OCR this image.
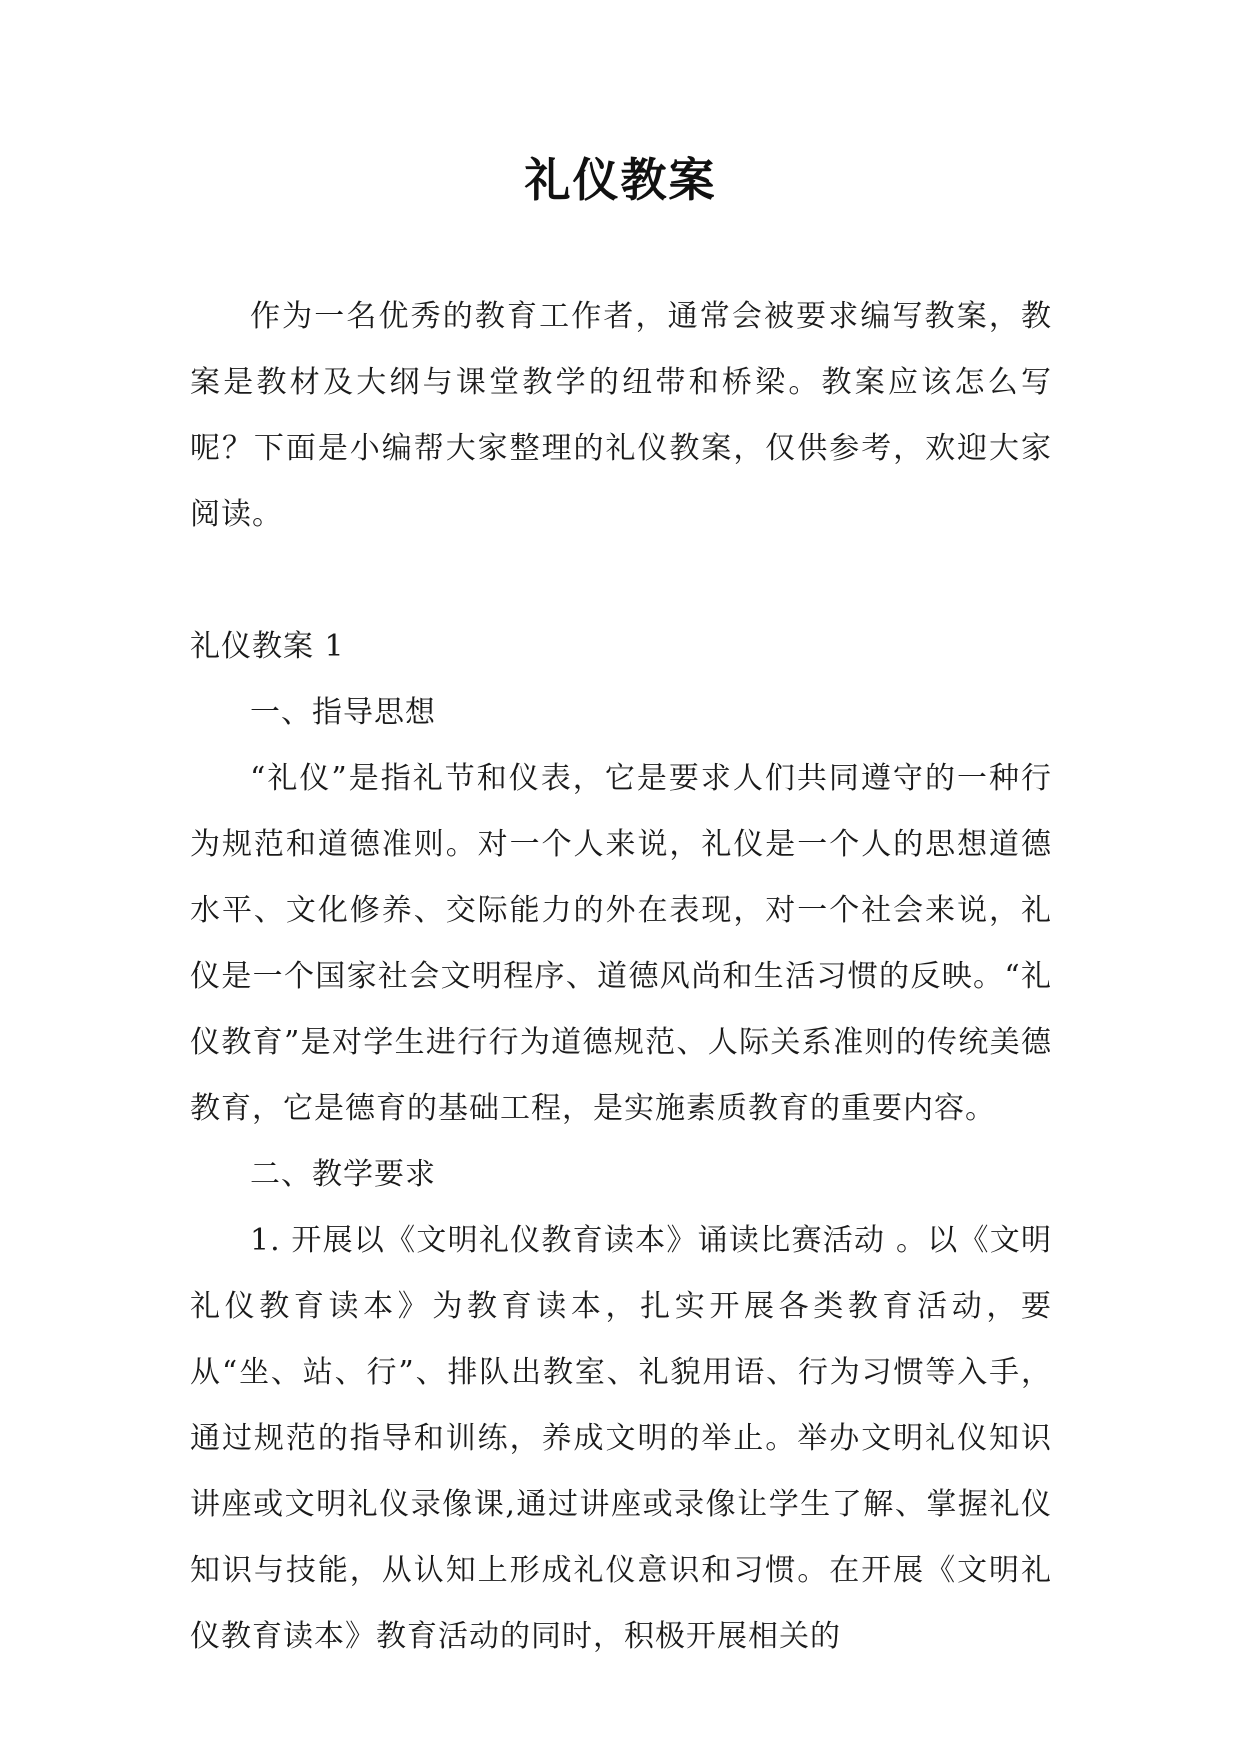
礼仪教案

作为一名优秀的教育工作者，通常会被要求编写教案，教案是教材及大纲与课堂教学的纽带和桥梁。教案应该怎么写呢？下面是小编帮大家整理的礼仪教案，仅供参考，欢迎大家阅读。

礼仪教案 1

一、指导思想

“礼仪”是指礼节和仪表，它是要求人们共同遵守的一种行为规范和道德准则。对一个人来说，礼仪是一个人的思想道德水平、文化修养、交际能力的外在表现，对一个社会来说，礼仪是一个国家社会文明程序、道德风尚和生活习惯的反映。“礼仪教育”是对学生进行行为道德规范、人际关系准则的传统美德教育，它是德育的基础工程，是实施素质教育的重要内容。

二、教学要求

1. 开展以《文明礼仪教育读本》诵读比赛活动 。以《文明礼仪教育读本》为教育读本，扎实开展各类教育活动，要从“坐、站、行”、排队出教室、礼貌用语、行为习惯等入手，通过规范的指导和训练，养成文明的举止。举办文明礼仪知识讲座或文明礼仪录像课,通过讲座或录像让学生了解、掌握礼仪知识与技能，从认知上形成礼仪意识和习惯。在开展《文明礼仪教育读本》教育活动的同时，积极开展相关的
